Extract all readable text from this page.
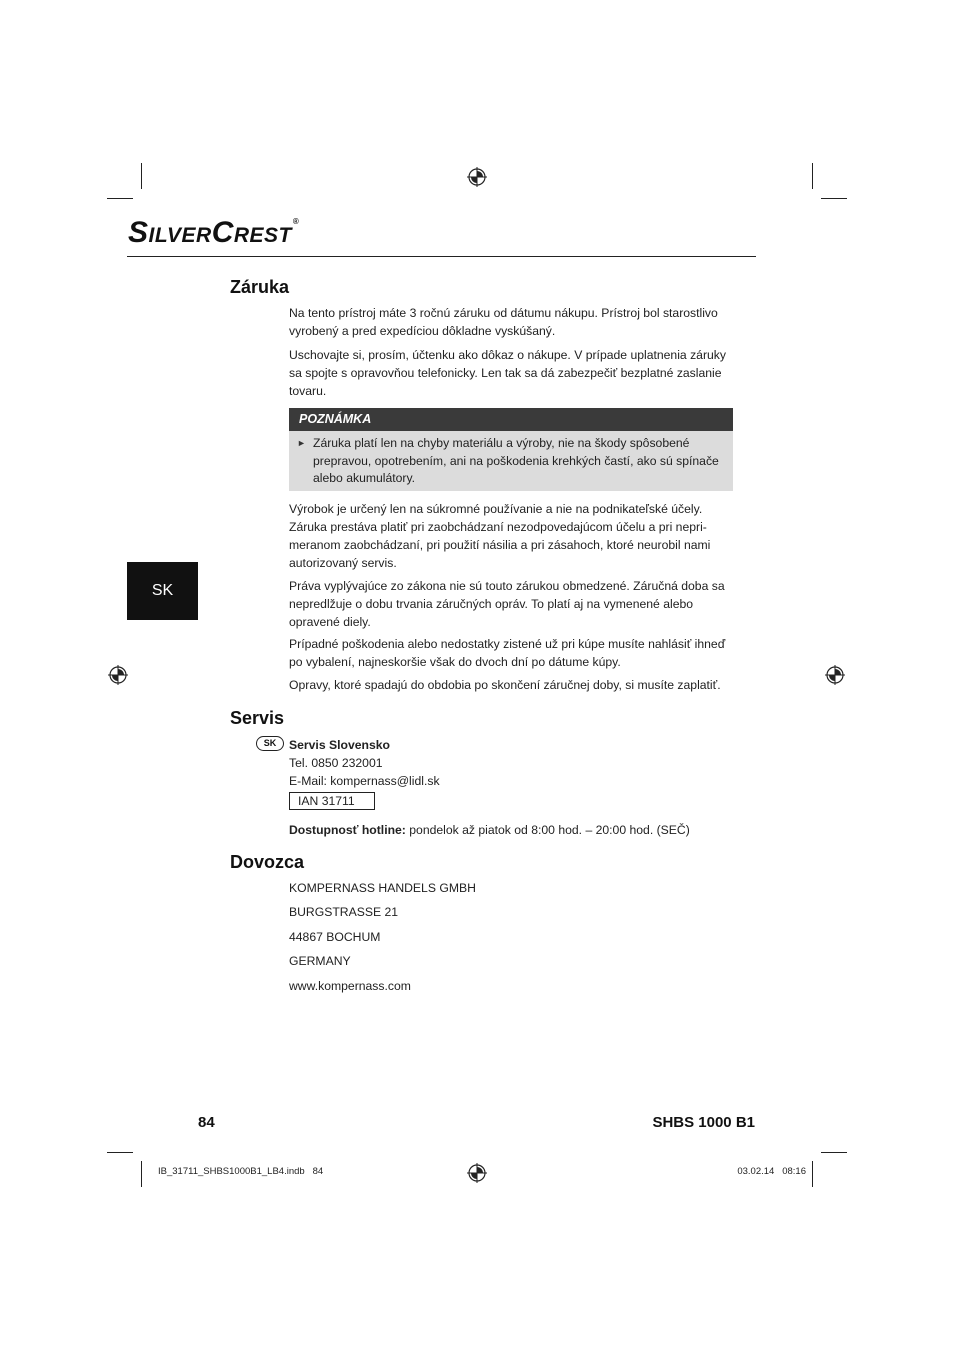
SILVERCREST®
SK
Záruka

Na tento prístroj máte 3 ročnú záruku od dátumu nákupu. Prístroj bol starostlivo vyrobený a pred expedíciou dôkladne vyskúšaný.

Uschovajte si, prosím, účtenku ako dôkaz o nákupe. V prípade uplatnenia záruky sa spojte s opravovňou telefonicky. Len tak sa dá zabezpečiť bezplatné zaslanie tovaru.

POZNÁMKA
► Záruka platí len na chyby materiálu a výroby, nie na škody spôsobené prepravou, opotrebením, ani na poškodenia krehkých častí, ako sú spínače alebo akumulátory.

Výrobok je určený len na súkromné používanie a nie na podnikateľské účely. Záruka prestáva platiť pri zaobchádzaní nezodpovedajúcom účelu a pri nepri- meranom zaobchádzaní, pri použití násilia a pri zásahoch, ktoré neurobil nami autorizovaný servis.

Práva vyplývajúce zo zákona nie sú touto zárukou obmedzené. Záručná doba sa nepredlžuje o dobu trvania záručných opráv. To platí aj na vymenené alebo opravené diely.

Prípadné poškodenia alebo nedostatky zistené už pri kúpe musíte nahlásiť ihneď po vybalení, najneskoršie však do dvoch dní po dátume kúpy.

Opravy, ktoré spadajú do obdobia po skončení záručnej doby, si musíte zaplatiť.

Servis
SK	Servis Slovensko

Tel. 0850 232001

E-Mail: kompernass@lidl.sk

IAN 31711

Dostupnosť hotline: pondelok až piatok od 8:00 hod. – 20:00 hod. (SEČ)

Dovozca

KOMPERNASS HANDELS GMBH

BURGSTRASSE 21

44867 BOCHUM

GERMANY

www.kompernass.com

84	SHBS 1000 B1
IB_31711_SHBS1000B1_LB4.indb   84	03.02.14   08:16
